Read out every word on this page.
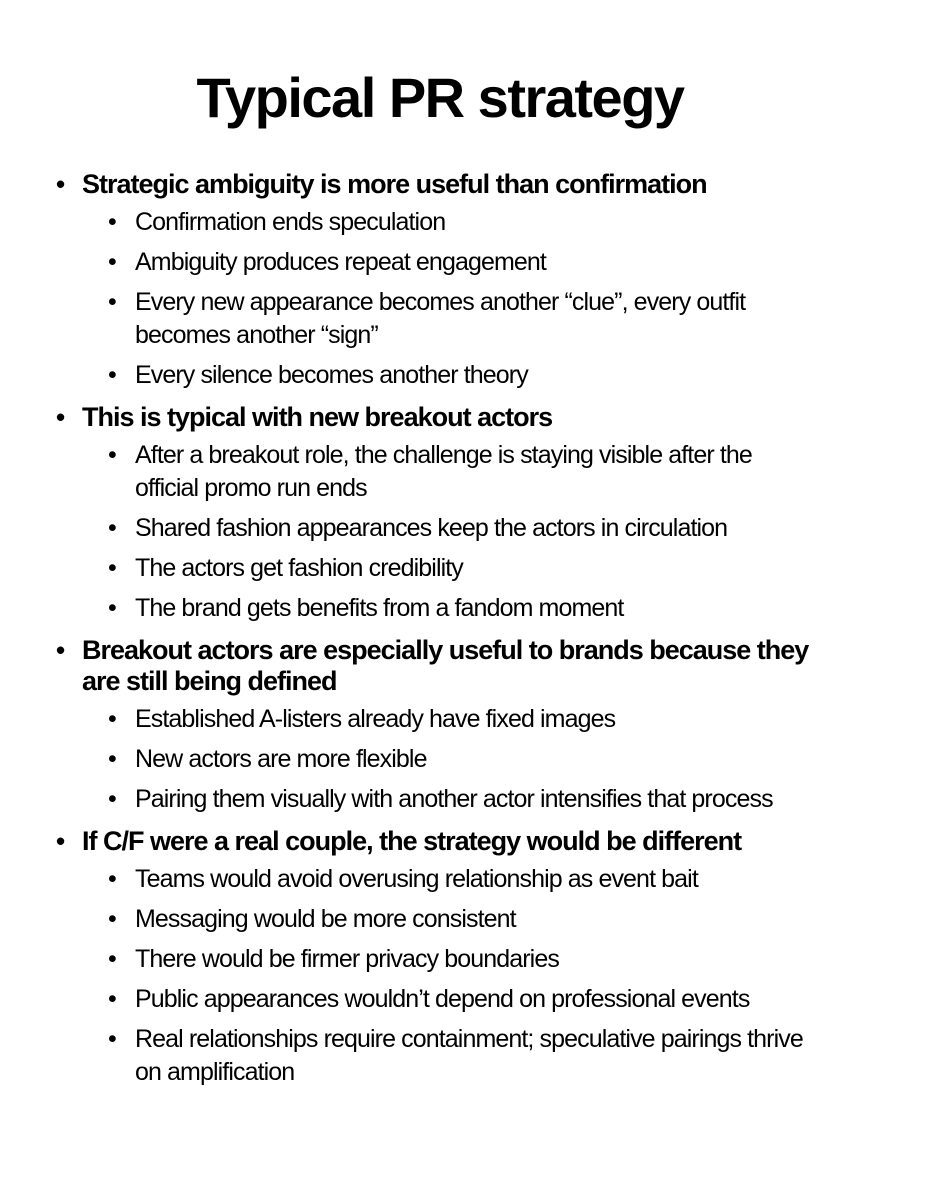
Typical PR strategy
• Strategic ambiguity is more useful than confirmation
• Confirmation ends speculation
• Ambiguity produces repeat engagement
• Every new appearance becomes another “clue”, every outfit becomes another “sign”
• Every silence becomes another theory
• This is typical with new breakout actors
• After a breakout role, the challenge is staying visible after the official promo run ends
• Shared fashion appearances keep the actors in circulation
• The actors get fashion credibility
• The brand gets benefits from a fandom moment
• Breakout actors are especially useful to brands because they are still being defined
• Established A-listers already have fixed images
• New actors are more flexible
• Pairing them visually with another actor intensifies that process
• If C/F were a real couple, the strategy would be different
• Teams would avoid overusing relationship as event bait
• Messaging would be more consistent
• There would be firmer privacy boundaries
• Public appearances wouldn’t depend on professional events
• Real relationships require containment; speculative pairings thrive on amplification
